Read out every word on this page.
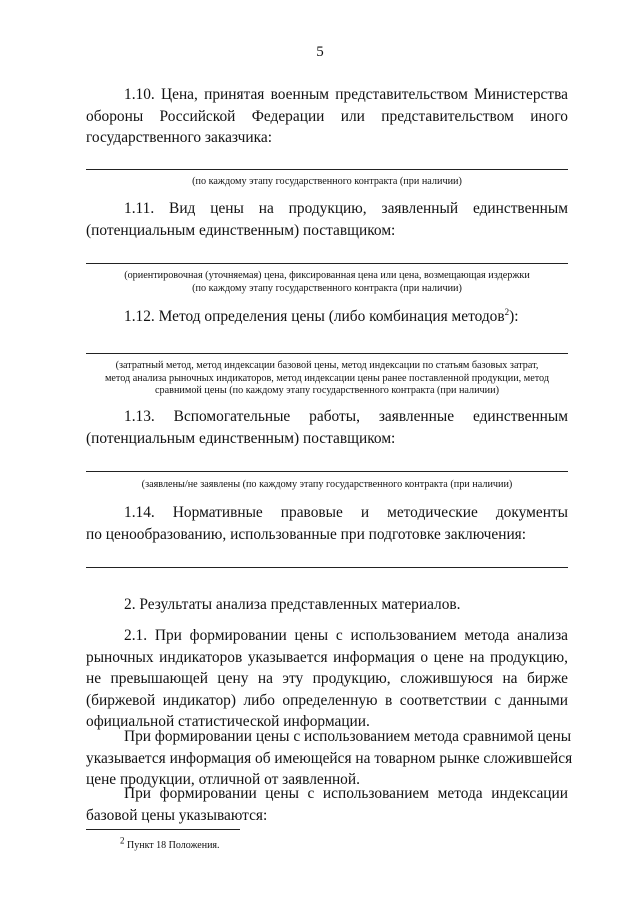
5
1.10. Цена, принятая военным представительством Министерства
обороны Российской Федерации или представительством иного
государственного заказчика:
(по каждому этапу государственного контракта (при наличии)
1.11. Вид цены на продукцию, заявленный единственным
(потенциальным единственным) поставщиком:
(ориентировочная (уточняемая) цена, фиксированная цена или цена, возмещающая издержки
(по каждому этапу государственного контракта (при наличии)
1.12. Метод определения цены (либо комбинация методов$^2$):
(затратный метод, метод индексации базовой цены, метод индексации по статьям базовых затрат,
метод анализа рыночных индикаторов, метод индексации цены ранее поставленной продукции, метод
сравнимой цены (по каждому этапу государственного контракта (при наличии)
1.13. Вспомогательные работы, заявленные единственным
(потенциальным единственным) поставщиком:
(заявлены/не заявлены (по каждому этапу государственного контракта (при наличии)
1.14. Нормативные правовые и методические документы
по ценообразованию, использованные при подготовке заключения:
2. Результаты анализа представленных материалов.
2.1. При формировании цены с использованием метода анализа
рыночных индикаторов указывается информация о цене на продукцию,
не превышающей цену на эту продукцию, сложившуюся на бирже
(биржевой индикатор) либо определенную в соответствии с данными
официальной статистической информации.
При формировании цены с использованием метода сравнимой цены
указывается информация об имеющейся на товарном рынке сложившейся
цене продукции, отличной от заявленной.
При формировании цены с использованием метода индексации
базовой цены указываются:
$^2$ Пункт 18 Положения.
